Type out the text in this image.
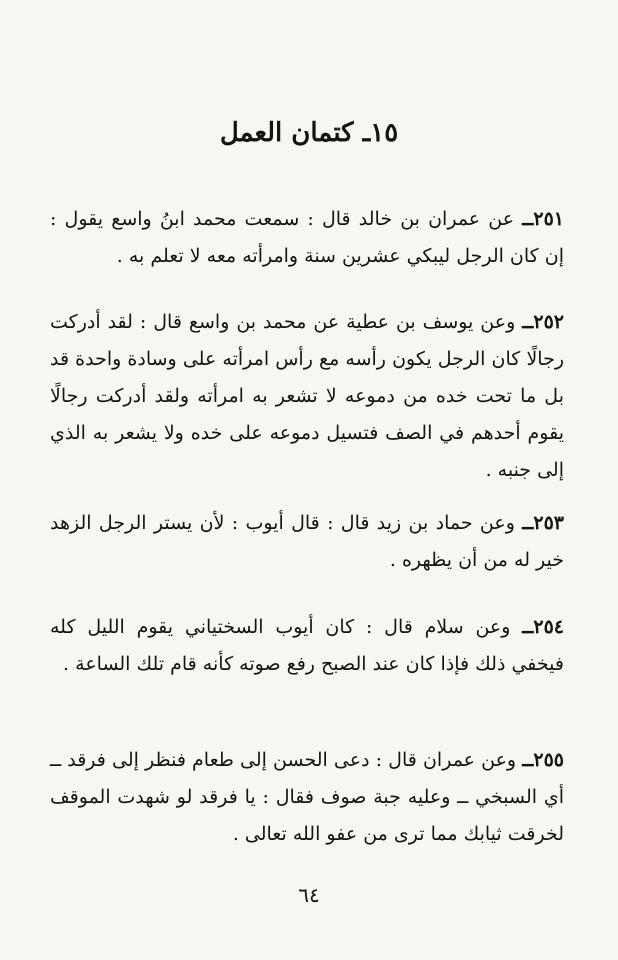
١٥ـ كتمان العمل

٢٥١ــ عن عمران بن خالد قال : سمعت محمد ابنُ واسع يقول : إن كان الرجل ليبكي عشرين سنة وامرأته معه لا تعلم به .

٢٥٢ــ وعن يوسف بن عطية عن محمد بن واسع قال : لقد أدركت رجالًا كان الرجل يكون رأسه مع رأس امرأته على وسادة واحدة قد بل ما تحت خده من دموعه لا تشعر به امرأته ولقد أدركت رجالًا يقوم أحدهم في الصف فتسيل دموعه على خده ولا يشعر به الذي إلى جنبه .

٢٥٣ــ وعن حماد بن زيد قال : قال أيوب : لأن يستر الرجل الزهد خير له من أن يظهره .

٢٥٤ــ وعن سلام قال : كان أيوب السختياني يقوم الليل كله فيخفي ذلك فإذا كان عند الصبح رفع صوته كأنه قام تلك الساعة .

٢٥٥ــ وعن عمران قال : دعى الحسن إلى طعام فنظر إلى فرقد ــ أي السبخي ــ وعليه جبة صوف فقال : يا فرقد لو شهدت الموقف لخرقت ثيابك مما ترى من عفو الله تعالى .

٦٤
